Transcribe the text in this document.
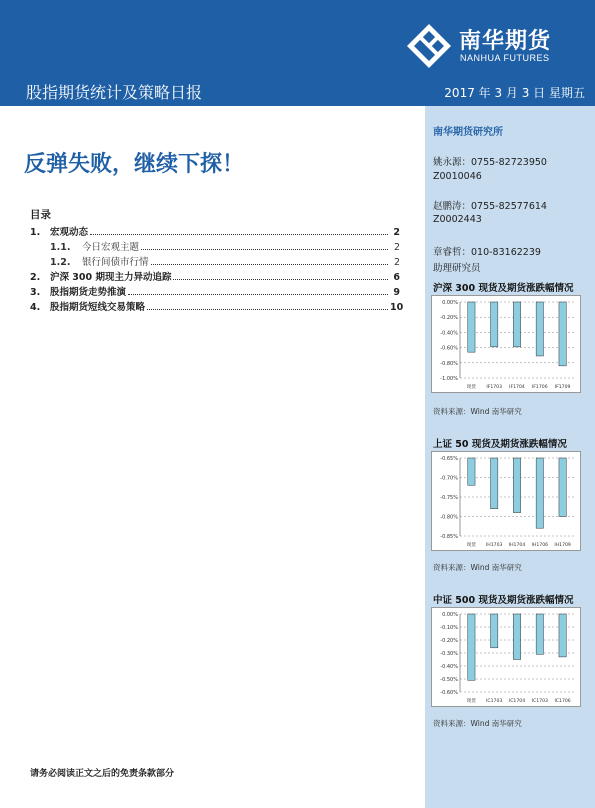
南华期货
NANHUA FUTURES
股指期货统计及策略日报	2017 年 3 月 3 日 星期五
反弹失败，继续下探！
目录
1.	宏观动态	2
1.1.	今日宏观主题	2
1.2.	银行间债市行情	2
2.	沪深 300 期现主力异动追踪	6
3.	股指期货走势推演	9
4.	股指期货短线交易策略	10
请务必阅读正文之后的免责条款部分
南华期货研究所
姚永源：0755-82723950
Z0010046
赵鹏涛：0755-82577614
Z0002443
章睿哲：010-83162239
助理研究员
沪深 300 现货及期货涨跌幅情况
0.00%
-0.20%
-0.40%
-0.60%
-0.80%
-1.00%
现货 IF1703 IF1704 IF1706 IF1709
资料来源：Wind 南华研究
上证 50 现货及期货涨跌幅情况
-0.65%
-0.70%
-0.75%
-0.80%
-0.85%
现货 IH1703 IH1704 IH1706 IH1709
资料来源：Wind 南华研究
中证 500 现货及期货涨跌幅情况
0.00%
-0.10%
-0.20%
-0.30%
-0.40%
-0.50%
-0.60%
现货 IC1703 IC1704 IC1703 IC1706
资料来源：Wind 南华研究
